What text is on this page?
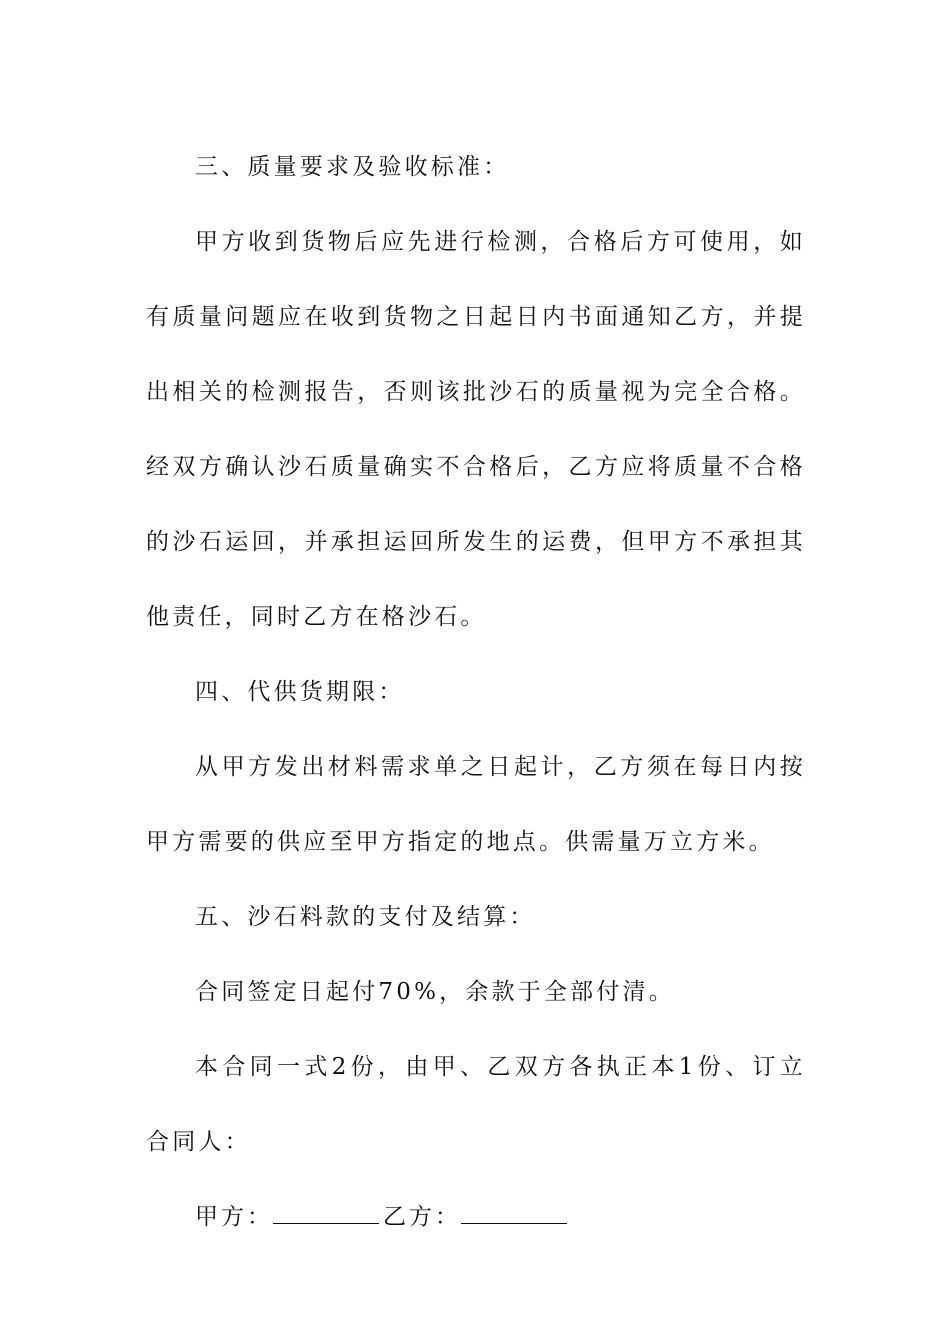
三、质量要求及验收标准：

甲方收到货物后应先进行检测，合格后方可使用，如有质量问题应在收到货物之日起日内书面通知乙方，并提出相关的检测报告，否则该批沙石的质量视为完全合格。经双方确认沙石质量确实不合格后，乙方应将质量不合格的沙石运回，并承担运回所发生的运费，但甲方不承担其他责任，同时乙方在格沙石。

四、代供货期限：

从甲方发出材料需求单之日起计，乙方须在每日内按甲方需要的供应至甲方指定的地点。供需量万立方米。

五、沙石料款的支付及结算：

合同签定日起付70%，余款于全部付清。

本合同一式2份，由甲、乙双方各执正本1份、订立合同人：

甲方：	乙方：
